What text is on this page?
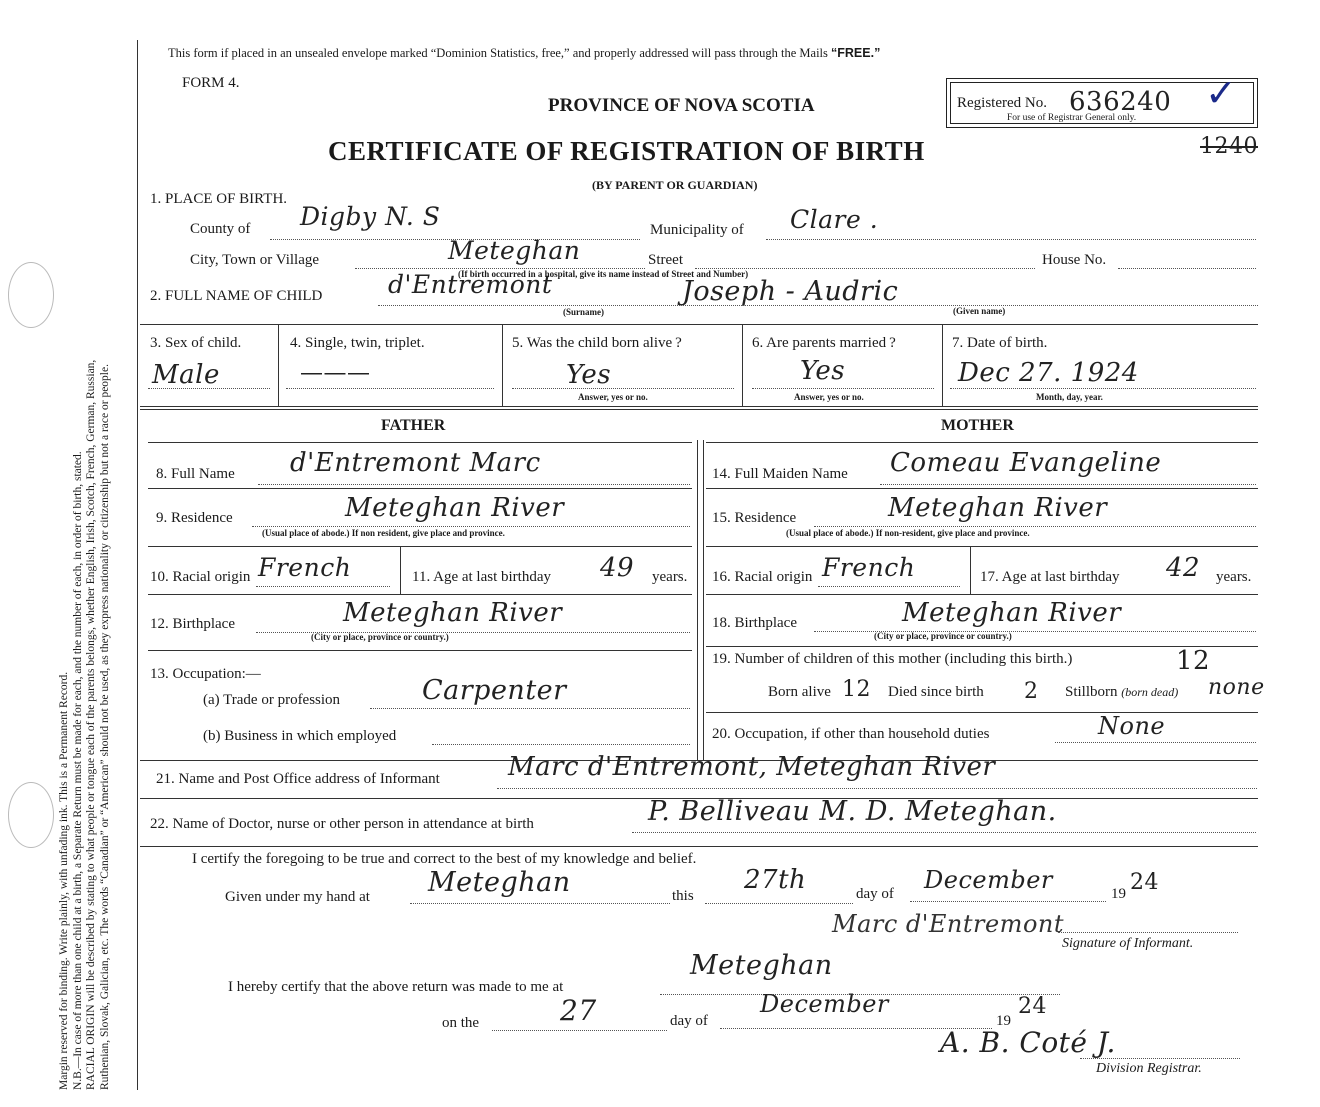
Margin reserved for binding. Write plainly, with unfading ink. This is a Permanent Record. N.B.—In case of more than one child at a birth, a Separate Return must be made for each, and the number of each, in order of birth, stated. RACIAL ORIGIN will be described by stating to what people or tongue each of the parents belongs, whether English, Irish, Scotch, French, German, Russian, Ruthenian, Slovak, Galician, etc. The words “Canadian” or “American” should not be used, as they express nationality or citizenship but not a race or people.
This form if placed in an unsealed envelope marked “Dominion Statistics, free,” and properly addressed will pass through the Mails “FREE.”
FORM 4.
PROVINCE OF NOVA SCOTIA
CERTIFICATE OF REGISTRATION OF BIRTH
(BY PARENT OR GUARDIAN)
Registered No. 636240 ✓
For use of Registrar General only.
1240
1. PLACE OF BIRTH.
County of Digby N. S	Municipality of Clare .
City, Town or Village	Meteghan	Street	House No.
(If birth occurred in a hospital, give its name instead of Street and Number)
2. FULL NAME OF CHILD	d'Entremont	Joseph - Audric
(Surname)	(Given name)
3. Sex of child.
Male
4. Single, twin, triplet.
———
5. Was the child born alive ?
Yes
Answer, yes or no.
6. Are parents married ?
Yes
Answer, yes or no.
7. Date of birth.
Dec 27. 1924
Month, day, year.
FATHER	MOTHER
8. Full Name d'Entremont Marc
9. Residence	Meteghan River
(Usual place of abode.) If non resident, give place and province.
10. Racial origin French	11. Age at last birthday 49 years.
12. Birthplace	Meteghan River
(City or place, province or country.)
13. Occupation:—
(a) Trade or profession	Carpenter
(b) Business in which employed
14. Full Maiden Name Comeau Evangeline
15. Residence	Meteghan River
(Usual place of abode.) If non-resident, give place and province.
16. Racial origin French	17. Age at last birthday 42 years.
18. Birthplace	Meteghan River
(City or place, province or country.)
19. Number of children of this mother (including this birth.)	12
Born alive 12 Died since birth 2 Stillborn (born dead) none
20. Occupation, if other than household duties	None
21. Name and Post Office address of Informant	Marc d'Entremont, Meteghan River
22. Name of Doctor, nurse or other person in attendance at birth	P. Belliveau M. D. Meteghan.
I certify the foregoing to be true and correct to the best of my knowledge and belief.
Given under my hand at Meteghan	this
27th	day of December	19 24
Marc d'Entremont
Signature of Informant.
Meteghan
I hereby certify that the above return was made to me at
on the	27	day of
December
19
24
A. B. Coté J.
Division Registrar.
